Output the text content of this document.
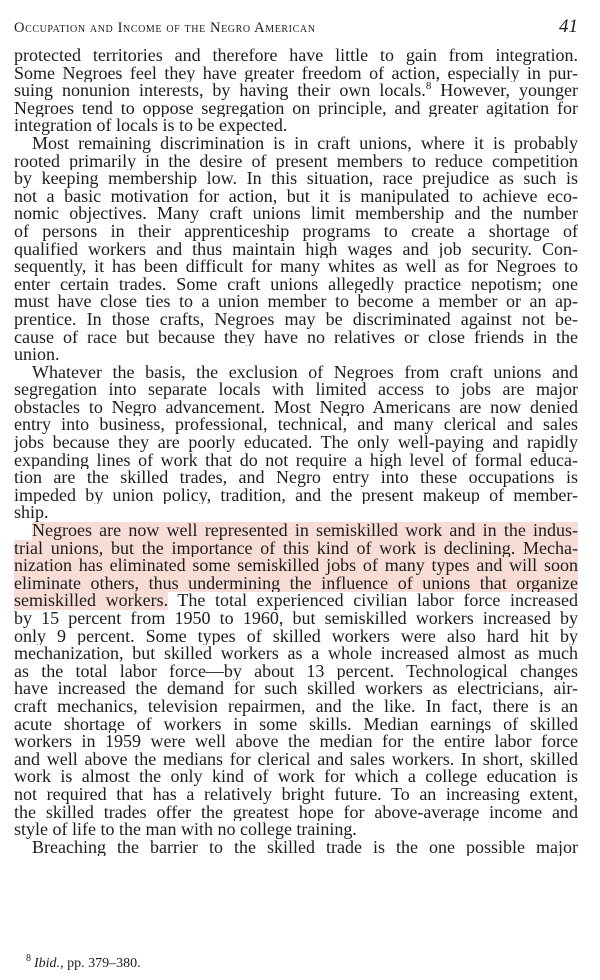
Occupation and Income of the Negro American	41
protected territories and therefore have little to gain from integration.
Some Negroes feel they have greater freedom of action, especially in pur-
suing nonunion interests, by having their own locals.$^8$ However, younger
Negroes tend to oppose segregation on principle, and greater agitation for
integration of locals is to be expected.
Most remaining discrimination is in craft unions, where it is probably
rooted primarily in the desire of present members to reduce competition
by keeping membership low. In this situation, race prejudice as such is
not a basic motivation for action, but it is manipulated to achieve eco-
nomic objectives. Many craft unions limit membership and the number
of persons in their apprenticeship programs to create a shortage of
qualified workers and thus maintain high wages and job security. Con-
sequently, it has been difficult for many whites as well as for Negroes to
enter certain trades. Some craft unions allegedly practice nepotism; one
must have close ties to a union member to become a member or an ap-
prentice. In those crafts, Negroes may be discriminated against not be-
cause of race but because they have no relatives or close friends in the
union.
Whatever the basis, the exclusion of Negroes from craft unions and
segregation into separate locals with limited access to jobs are major
obstacles to Negro advancement. Most Negro Americans are now denied
entry into business, professional, technical, and many clerical and sales
jobs because they are poorly educated. The only well-paying and rapidly
expanding lines of work that do not require a high level of formal educa-
tion are the skilled trades, and Negro entry into these occupations is
impeded by union policy, tradition, and the present makeup of member-
ship.
Negroes are now well represented in semiskilled work and in the indus-
trial unions, but the importance of this kind of work is declining. Mecha-
nization has eliminated some semiskilled jobs of many types and will soon
eliminate others, thus undermining the influence of unions that organize
semiskilled workers. The total experienced civilian labor force increased
by 15 percent from 1950 to 1960, but semiskilled workers increased by
only 9 percent. Some types of skilled workers were also hard hit by
mechanization, but skilled workers as a whole increased almost as much
as the total labor force—by about 13 percent. Technological changes
have increased the demand for such skilled workers as electricians, air-
craft mechanics, television repairmen, and the like. In fact, there is an
acute shortage of workers in some skills. Median earnings of skilled
workers in 1959 were well above the median for the entire labor force
and well above the medians for clerical and sales workers. In short, skilled
work is almost the only kind of work for which a college education is
not required that has a relatively bright future. To an increasing extent,
the skilled trades offer the greatest hope for above-average income and
style of life to the man with no college training.
Breaching the barrier to the skilled trade is the one possible major
$^8$ Ibid., pp. 379–380.
